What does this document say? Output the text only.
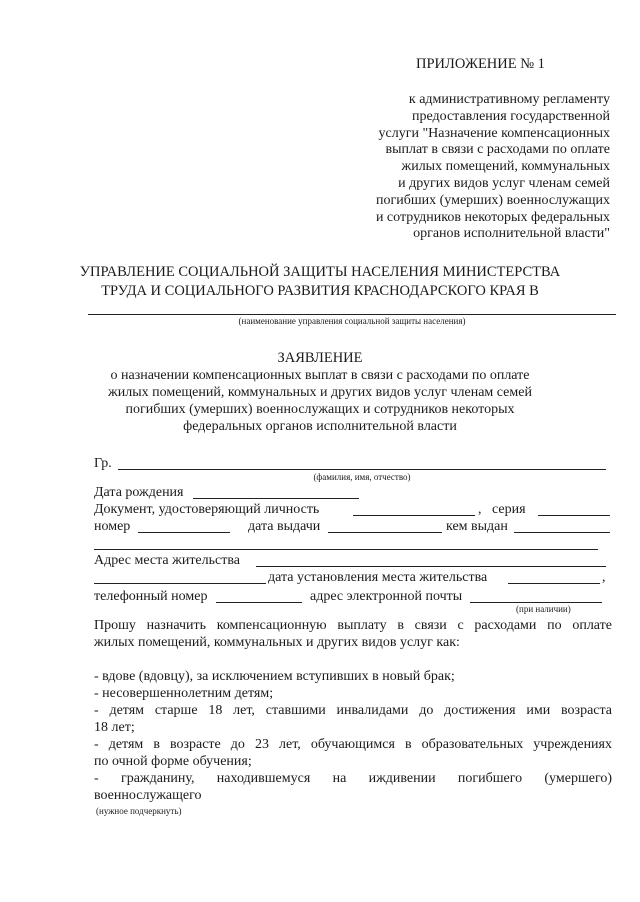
ПРИЛОЖЕНИЕ № 1
к административному регламенту
предоставления государственной
услуги "Назначение компенсационных
выплат в связи с расходами по оплате
жилых помещений, коммунальных
и других видов услуг членам семей
погибших (умерших) военнослужащих
и сотрудников некоторых федеральных
органов исполнительной власти"
УПРАВЛЕНИЕ СОЦИАЛЬНОЙ ЗАЩИТЫ НАСЕЛЕНИЯ МИНИСТЕРСТВА
ТРУДА И СОЦИАЛЬНОГО РАЗВИТИЯ КРАСНОДАРСКОГО КРАЯ В
(наименование управления социальной защиты населения)
ЗАЯВЛЕНИЕ
о назначении компенсационных выплат в связи с расходами по оплате
жилых помещений, коммунальных и других видов услуг членам семей
погибших (умерших) военнослужащих и сотрудников некоторых
федеральных органов исполнительной власти
Гр.
(фамилия, имя, отчество)
Дата рождения
Документ, удостоверяющий личность	, серия
номер	дата выдачи	кем выдан
Адрес места жительства
дата установления места жительства	,
телефонный номер	адрес электронной почты
(при наличии)
Прошу назначить компенсационную выплату в связи с расходами по оплате
жилых помещений, коммунальных и других видов услуг как:
- вдове (вдовцу), за исключением вступивших в новый брак;
- несовершеннолетним детям;
- детям старше 18 лет, ставшими инвалидами до достижения ими возраста
18 лет;
- детям в возрасте до 23 лет, обучающимся в образовательных учреждениях
по очной форме обучения;
- гражданину, находившемуся на иждивении погибшего (умершего)
военнослужащего
(нужное подчеркнуть)
